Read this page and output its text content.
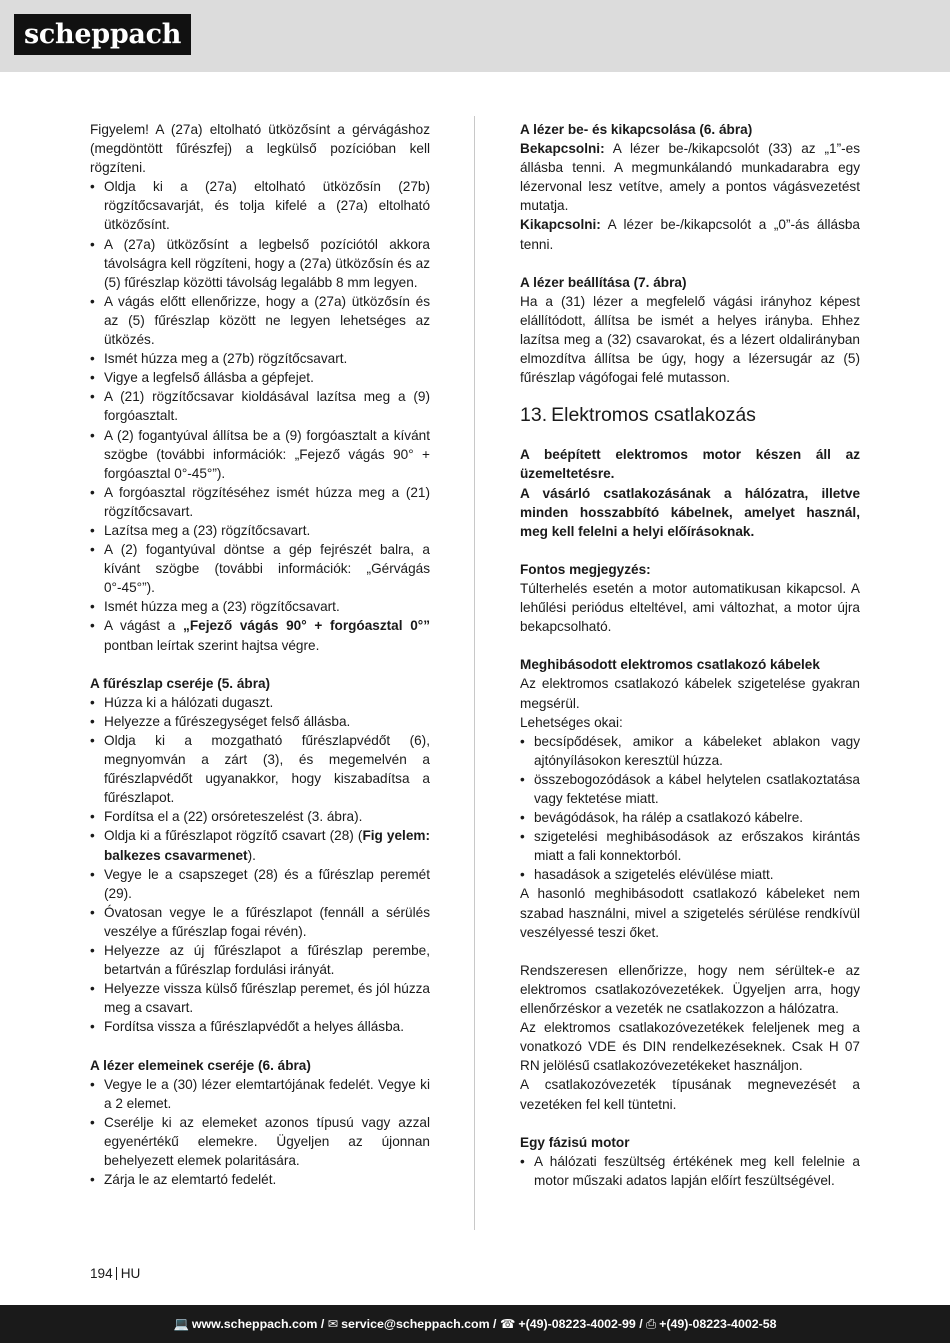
scheppach

Figyelem! A (27a) eltolható ütközősínt a gérvágáshoz (megdöntött fűrészfej) a legkülső pozícióban kell rögzíteni.

• Oldja ki a (27a) eltolható ütközősín (27b) rögzítőcsavarját, és tolja kifelé a (27a) eltolható ütközősínt.
• A (27a) ütközősínt a legbelső pozíciótól akkora távolságra kell rögzíteni, hogy a (27a) ütközősín és az (5) fűrészlap közötti távolság legalább 8 mm legyen.
• A vágás előtt ellenőrizze, hogy a (27a) ütközősín és az (5) fűrészlap között ne legyen lehetséges az ütközés.
• Ismét húzza meg a (27b) rögzítőcsavart.
• Vigye a legfelső állásba a gépfejet.
• A (21) rögzítőcsavar kioldásával lazítsa meg a (9) forgóasztalt.
• A (2) fogantyúval állítsa be a (9) forgóasztalt a kívánt szögbe (további információk: „Fejező vágás 90° + forgóasztal 0°-45°”).
• A forgóasztal rögzítéséhez ismét húzza meg a (21) rögzítőcsavart.
• Lazítsa meg a (23) rögzítőcsavart.
• A (2) fogantyúval döntse a gép fejrészét balra, a kívánt szögbe (további információk: „Gérvágás 0°-45°”).
• Ismét húzza meg a (23) rögzítőcsavart.
• A vágást a „Fejező vágás 90° + forgóasztal 0°” pontban leírtak szerint hajtsa végre.

A fűrészlap cseréje (5. ábra)

• Húzza ki a hálózati dugaszt.
• Helyezze a fűrészegységet felső állásba.
• Oldja ki a mozgatható fűrészlapvédőt (6), megnyomván a zárt (3), és megemelvén a fűrészlapvédőt ugyanakkor, hogy kiszabadítsa a fűrészlapot.
• Fordítsa el a (22) orsóreteszelést (3. ábra).
• Oldja ki a fűrészlapot rögzítő csavart (28) (Fig yelem: balkezes csavarmenet).
• Vegye le a csapszeget (28) és a fűrészlap peremét (29).
• Óvatosan vegye le a fűrészlapot (fennáll a sérülés veszélye a fűrészlap fogai révén).
• Helyezze az új fűrészlapot a fűrészlap perembe, betartván a fűrészlap fordulási irányát.
• Helyezze vissza külső fűrészlap peremet, és jól húzza meg a csavart.
• Fordítsa vissza a fűrészlapvédőt a helyes állásba.

A lézer elemeinek cseréje (6. ábra)

• Vegye le a (30) lézer elemtartójának fedelét. Vegye ki a 2 elemet.
• Cserélje ki az elemeket azonos típusú vagy azzal egyenértékű elemekre. Ügyeljen az újonnan behelyezett elemek polaritására.
• Zárja le az elemtartó fedelét.

A lézer be- és kikapcsolása (6. ábra)

Bekapcsolni: A lézer be-/kikapcsolót (33) az „1”-es állásba tenni. A megmunkálandó munkadarabra egy lézervonal lesz vetítve, amely a pontos vágásvezetést mutatja.

Kikapcsolni: A lézer be-/kikapcsolót a „0”-ás állásba tenni.

A lézer beállítása (7. ábra)

Ha a (31) lézer a megfelelő vágási irányhoz képest elállítódott, állítsa be ismét a helyes irányba. Ehhez lazítsa meg a (32) csavarokat, és a lézert oldalirányban elmozdítva állítsa be úgy, hogy a lézersugár az (5) fűrészlap vágófogai felé mutasson.

13. Elektromos csatlakozás

A beépített elektromos motor készen áll az üzemeltetésre.

A vásárló csatlakozásának a hálózatra, illetve minden hosszabbító kábelnek, amelyet használ, meg kell felelni a helyi előírásoknak.

Fontos megjegyzés:

Túlterhelés esetén a motor automatikusan kikapcsol. A lehűlési periódus elteltével, ami változhat, a motor újra bekapcsolható.

Meghibásodott elektromos csatlakozó kábelek

Az elektromos csatlakozó kábelek szigetelése gyakran megsérül.

Lehetséges okai:

• becsípődések, amikor a kábeleket ablakon vagy ajtónyílásokon keresztül húzza.
• összebogozódások a kábel helytelen csatlakoztatása vagy fektetése miatt.
• bevágódások, ha rálép a csatlakozó kábelre.
• szigetelési meghibásodások az erőszakos kirántás miatt a fali konnektorból.
• hasadások a szigetelés elévülése miatt.

A hasonló meghibásodott csatlakozó kábeleket nem szabad használni, mivel a szigetelés sérülése rendkívül veszélyessé teszi őket.

Rendszeresen ellenőrizze, hogy nem sérültek-e az elektromos csatlakozóvezetékek. Ügyeljen arra, hogy ellenőrzéskor a vezeték ne csatlakozzon a hálózatra.

Az elektromos csatlakozóvezetékek feleljenek meg a vonatkozó VDE és DIN rendelkezéseknek. Csak H 07 RN jelölésű csatlakozóvezetékeket használjon.

A csatlakozóvezeték típusának megnevezését a vezetéken fel kell tüntetni.

Egy fázisú motor

• A hálózati feszültség értékének meg kell felelnie a motor műszaki adatos lapján előírt feszültségével.
194 HU
💻 www.scheppach.com / ✉ service@scheppach.com / ☎ +(49)-08223-4002-99 / ⎙ +(49)-08223-4002-58
